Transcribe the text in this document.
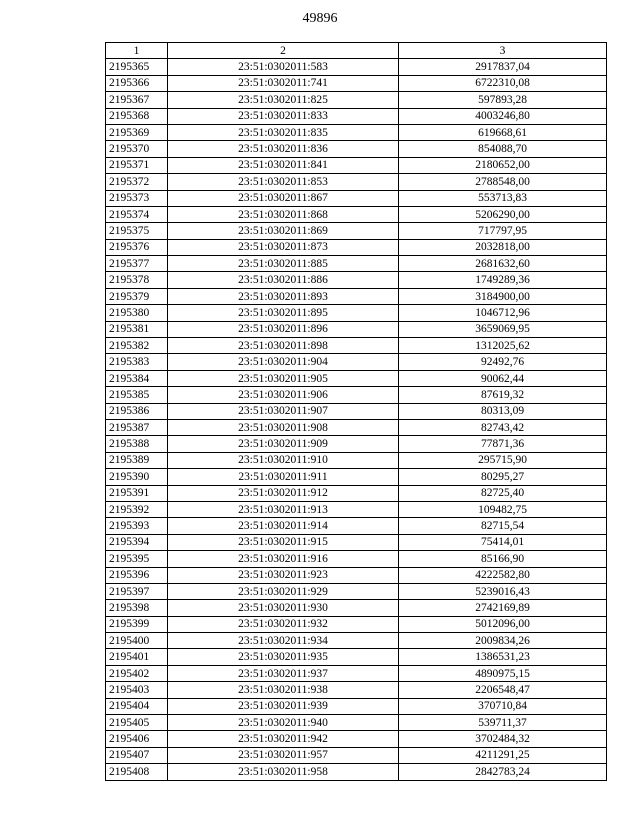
49896
1	2	3
2195365	23:51:0302011:583	2917837,04
2195366	23:51:0302011:741	6722310,08
2195367	23:51:0302011:825	597893,28
2195368	23:51:0302011:833	4003246,80
2195369	23:51:0302011:835	619668,61
2195370	23:51:0302011:836	854088,70
2195371	23:51:0302011:841	2180652,00
2195372	23:51:0302011:853	2788548,00
2195373	23:51:0302011:867	553713,83
2195374	23:51:0302011:868	5206290,00
2195375	23:51:0302011:869	717797,95
2195376	23:51:0302011:873	2032818,00
2195377	23:51:0302011:885	2681632,60
2195378	23:51:0302011:886	1749289,36
2195379	23:51:0302011:893	3184900,00
2195380	23:51:0302011:895	1046712,96
2195381	23:51:0302011:896	3659069,95
2195382	23:51:0302011:898	1312025,62
2195383	23:51:0302011:904	92492,76
2195384	23:51:0302011:905	90062,44
2195385	23:51:0302011:906	87619,32
2195386	23:51:0302011:907	80313,09
2195387	23:51:0302011:908	82743,42
2195388	23:51:0302011:909	77871,36
2195389	23:51:0302011:910	295715,90
2195390	23:51:0302011:911	80295,27
2195391	23:51:0302011:912	82725,40
2195392	23:51:0302011:913	109482,75
2195393	23:51:0302011:914	82715,54
2195394	23:51:0302011:915	75414,01
2195395	23:51:0302011:916	85166,90
2195396	23:51:0302011:923	4222582,80
2195397	23:51:0302011:929	5239016,43
2195398	23:51:0302011:930	2742169,89
2195399	23:51:0302011:932	5012096,00
2195400	23:51:0302011:934	2009834,26
2195401	23:51:0302011:935	1386531,23
2195402	23:51:0302011:937	4890975,15
2195403	23:51:0302011:938	2206548,47
2195404	23:51:0302011:939	370710,84
2195405	23:51:0302011:940	539711,37
2195406	23:51:0302011:942	3702484,32
2195407	23:51:0302011:957	4211291,25
2195408	23:51:0302011:958	2842783,24
